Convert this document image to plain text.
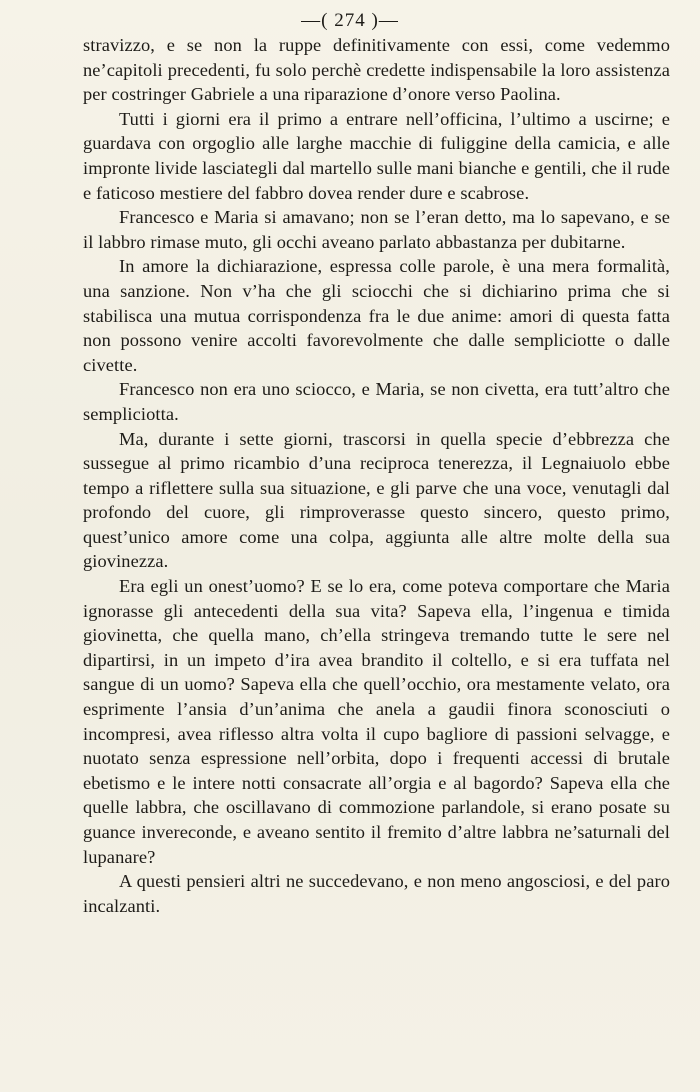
—( 274 )—

stravizzo, e se non la ruppe definitivamente con essi, come vedemmo ne’capitoli precedenti, fu solo perchè credette indispensabile la loro assistenza per costringer Gabriele a una riparazione d’onore verso Paolina.

Tutti i giorni era il primo a entrare nell’officina, l’ultimo a uscirne; e guardava con orgoglio alle larghe macchie di fuliggine della camicia, e alle impronte livide lasciategli dal martello sulle mani bianche e gentili, che il rude e faticoso mestiere del fabbro dovea render dure e scabrose.

Francesco e Maria si amavano; non se l’eran detto, ma lo sapevano, e se il labbro rimase muto, gli occhi aveano parlato abbastanza per dubitarne.

In amore la dichiarazione, espressa colle parole, è una mera formalità, una sanzione. Non v’ha che gli sciocchi che si dichiarino prima che si stabilisca una mutua corrispondenza fra le due anime: amori di questa fatta non possono venire accolti favorevolmente che dalle sempliciotte o dalle civette.

Francesco non era uno sciocco, e Maria, se non civetta, era tutt’altro che sempliciotta.

Ma, durante i sette giorni, trascorsi in quella specie d’ebbrezza che sussegue al primo ricambio d’una reciproca tenerezza, il Legnaiuolo ebbe tempo a riflettere sulla sua situazione, e gli parve che una voce, venutagli dal profondo del cuore, gli rimproverasse questo sincero, questo primo, quest’unico amore come una colpa, aggiunta alle altre molte della sua giovinezza.

Era egli un onest’uomo? E se lo era, come poteva comportare che Maria ignorasse gli antecedenti della sua vita? Sapeva ella, l’ingenua e timida giovinetta, che quella mano, ch’ella stringeva tremando tutte le sere nel dipartirsi, in un impeto d’ira avea brandito il coltello, e si era tuffata nel sangue di un uomo? Sapeva ella che quell’occhio, ora mestamente velato, ora esprimente l’ansia d’un’anima che anela a gaudii finora sconosciuti o incompresi, avea riflesso altra volta il cupo bagliore di passioni selvagge, e nuotato senza espressione nell’orbita, dopo i frequenti accessi di brutale ebetismo e le intere notti consacrate all’orgia e al bagordo? Sapeva ella che quelle labbra, che oscillavano di commozione parlandole, si erano posate su guance invereconde, e aveano sentito il fremito d’altre labbra ne’saturnali del lupanare?

A questi pensieri altri ne succedevano, e non meno angosciosi, e del paro incalzanti.
